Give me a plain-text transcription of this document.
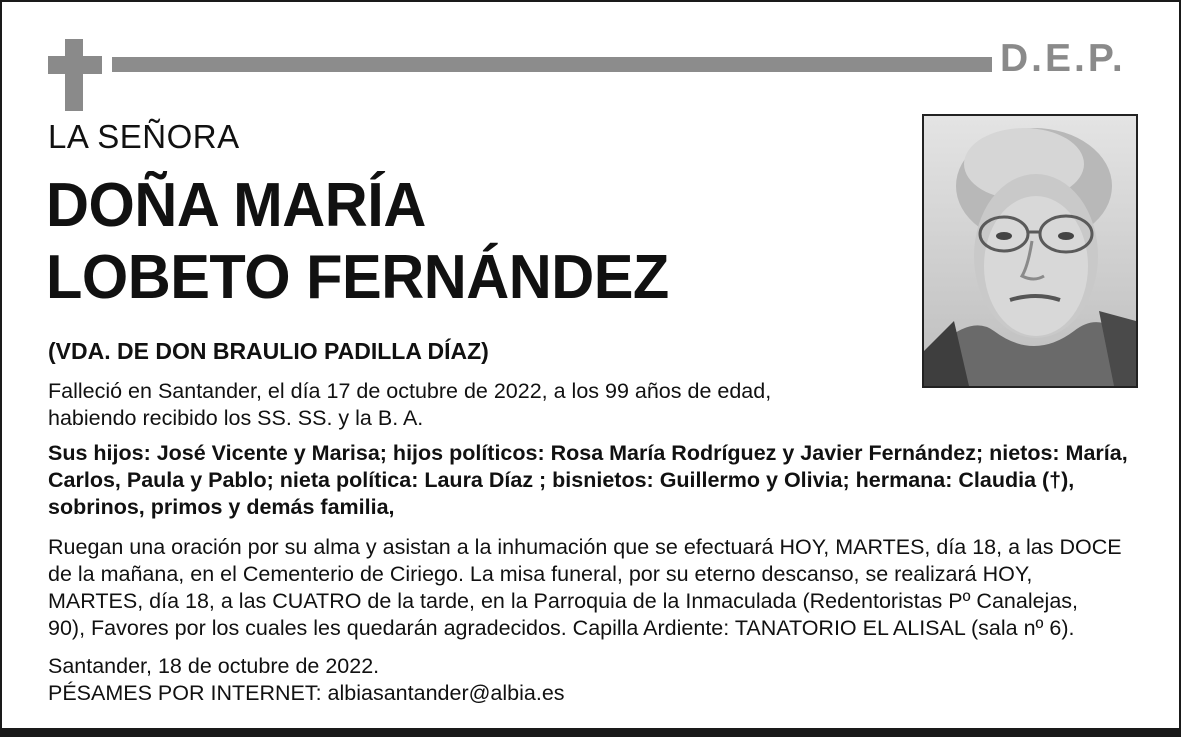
D.E.P.
LA SEÑORA
DOÑA MARÍA
LOBETO FERNÁNDEZ
(VDA. DE DON BRAULIO PADILLA DÍAZ)
Falleció en Santander, el día 17 de octubre de 2022, a los 99 años de edad,
habiendo recibido los SS. SS. y la B. A.
Sus hijos: José Vicente y Marisa; hijos políticos: Rosa María Rodríguez y Javier Fernández; nietos: María,
Carlos, Paula y Pablo; nieta política: Laura Díaz ; bisnietos: Guillermo y Olivia; hermana: Claudia (†),
sobrinos, primos y demás familia,
Ruegan una oración por su alma y asistan a la inhumación que se efectuará HOY, MARTES, día 18, a las DOCE
de la mañana, en el Cementerio de Ciriego. La misa funeral, por su eterno descanso, se realizará HOY,
MARTES, día 18, a las CUATRO de la tarde, en la Parroquia de la Inmaculada (Redentoristas Pº Canalejas,
90), Favores por los cuales les quedarán agradecidos. Capilla Ardiente: TANATORIO EL ALISAL (sala nº 6).
Santander, 18 de octubre de 2022.
PÉSAMES POR INTERNET: albiasantander@albia.es
